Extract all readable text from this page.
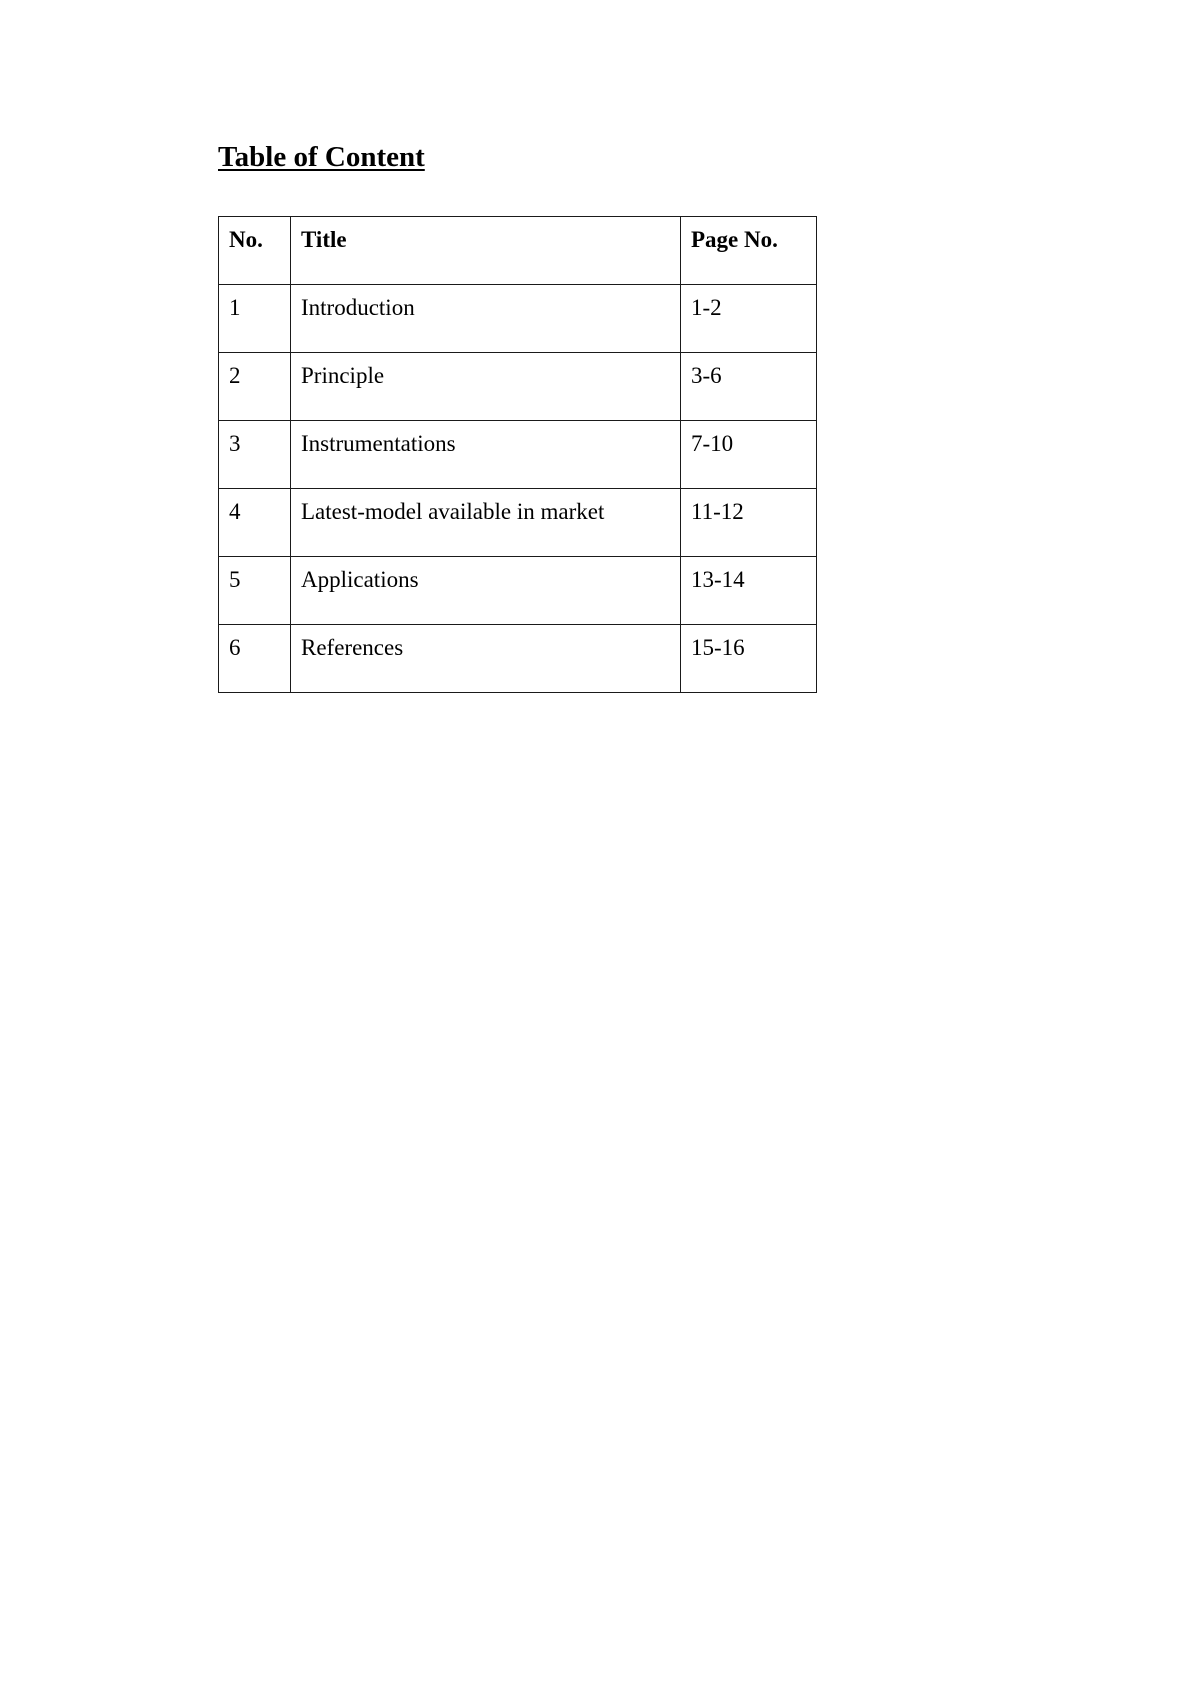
Table of Content
No.	Title	Page No.
1	Introduction	1-2
2	Principle	3-6
3	Instrumentations	7-10
4	Latest-model available in market	11-12
5	Applications	13-14
6	References	15-16
